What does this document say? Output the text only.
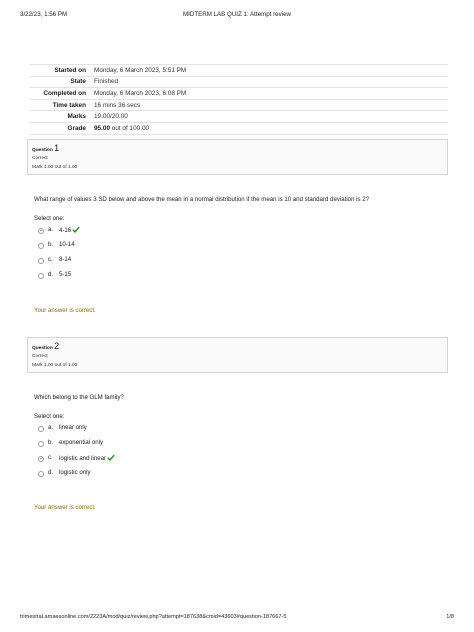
3/22/23, 1:56 PM	MIDTERM LAB QUIZ 1: Attempt review
Started on	Monday, 6 March 2023, 5:51 PM
State	Finished
Completed on	Monday, 6 March 2023, 6:08 PM
Time taken	16 mins 36 secs
Marks	19.00/20.00
Grade	95.00 out of 100.00
Question 1
Correct
Mark 1.00 out of 1.00
What range of values 3 SD below and above the mean in a normal distribution if the mean is 10 and standard deviation is 2?
Select one:
a. 4-16
b. 10-14
c. 8-14
d. 5-15
Your answer is correct.
Question 2
Correct
Mark 1.00 out of 1.00
Which belong to the GLM family?
Select one:
a. linear only
b. exponential only
c. logistic and linear
d. logistic only
Your answer is correct.
trimestral.amaesonline.com/2223A/mod/quiz/review.php?attempt=187638&cmid=43603#question-187667-5	1/8
